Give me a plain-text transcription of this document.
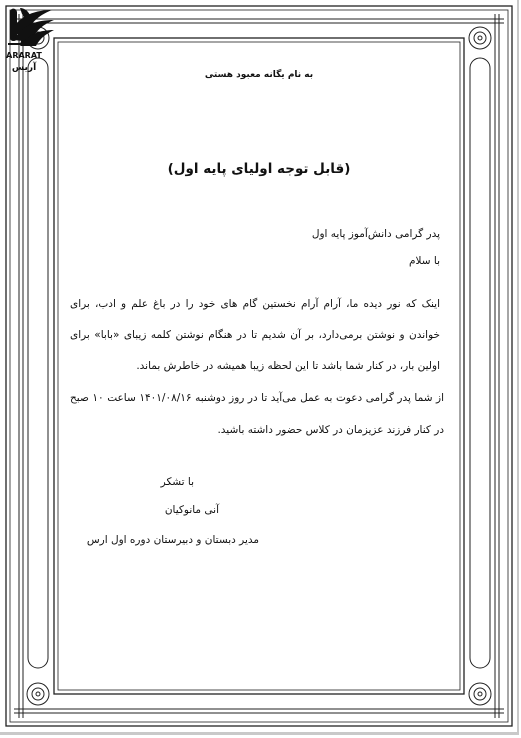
ARARAT
آریس
به نام یگانه معبود هستی
(قابل توجه اولیای پایه اول)
پدر گرامی دانش‌آموز پایه اول
با سلام
اینک که نور دیده ما، آرام آرام نخستین گام های خود را در باغ علم و ادب، برای خواندن و نوشتن برمی‌دارد، بر آن شدیم تا در هنگام نوشتن کلمه زیبای «بابا» برای اولین بار، در کنار شما باشد تا این لحظه زیبا همیشه در خاطرش بماند.
از شما پدر گرامی دعوت به عمل می‌آید تا در روز دوشنبه ۱۴۰۱/۰۸/۱۶ ساعت ۱۰ صبح در کنار فرزند عزیزمان در کلاس حضور داشته باشید.
با تشکر
آنی مانوکیان
مدیر دبستان و دبیرستان دوره اول ارس
